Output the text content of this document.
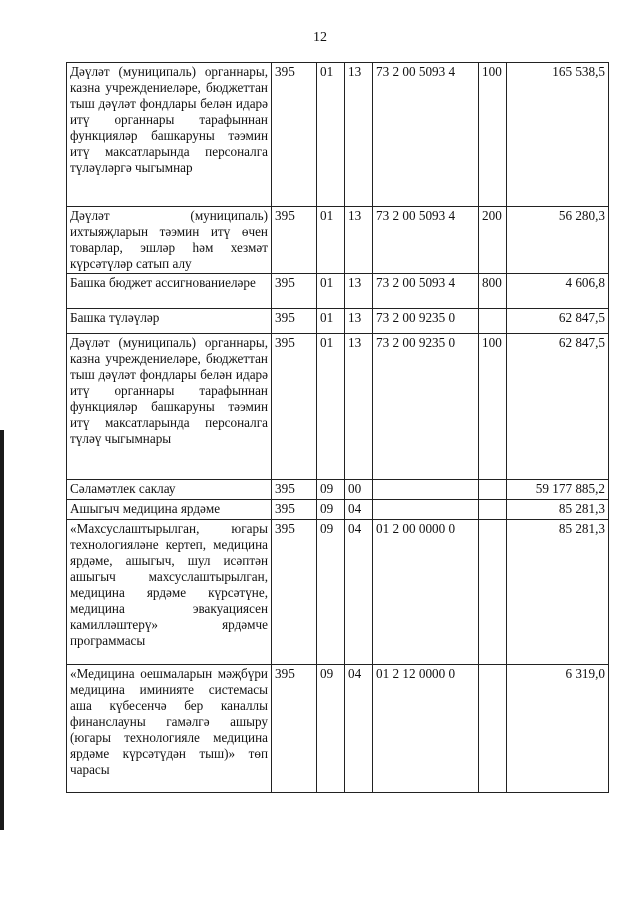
12
Дәүләт (муниципаль) органнары, казна учреждениеләре, бюджеттан тыш дәүләт фондлары белән идарә итү органнары тарафыннан функцияләр башкаруны тәэмин итү максатларында персоналга түләүләргә чыгымнар	395	01	13	73 2 00 5093 4	100	165 538,5
Дәүләт (муниципаль) ихтыяҗларын тәэмин итү өчен товарлар, эшләр һәм хезмәт күрсәтүләр сатып алу	395	01	13	73 2 00 5093 4	200	56 280,3
Башка бюджет ассигнованиеләре	395	01	13	73 2 00 5093 4	800	4 606,8
Башка түләүләр	395	01	13	73 2 00 9235 0		62 847,5
Дәүләт (муниципаль) органнары, казна учреждениеләре, бюджеттан тыш дәүләт фондлары белән идарә итү органнары тарафыннан функцияләр башкаруны тәэмин итү максатларында персоналга түләү чыгымнары	395	01	13	73 2 00 9235 0	100	62 847,5
Сәламәтлек саклау	395	09	00			59 177 885,2
Ашыгыч медицина ярдәме	395	09	04			85 281,3
«Махсуслаштырылган, югары технологияләне кертеп, медицина ярдәме, ашыгыч, шул исәптән ашыгыч махсуслаштырылган, медицина ярдәме күрсәтүне, медицина эвакуациясен камилләштерү» ярдәмче программасы	395	09	04	01 2 00 0000 0		85 281,3
«Медицина оешмаларын мәҗбүри медицина иминияте системасы аша күбесенчә бер каналлы финанслауны гамәлгә ашыру (югары технологияле медицина ярдәме күрсәтүдән тыш)» төп чарасы	395	09	04	01 2 12 0000 0		6 319,0
